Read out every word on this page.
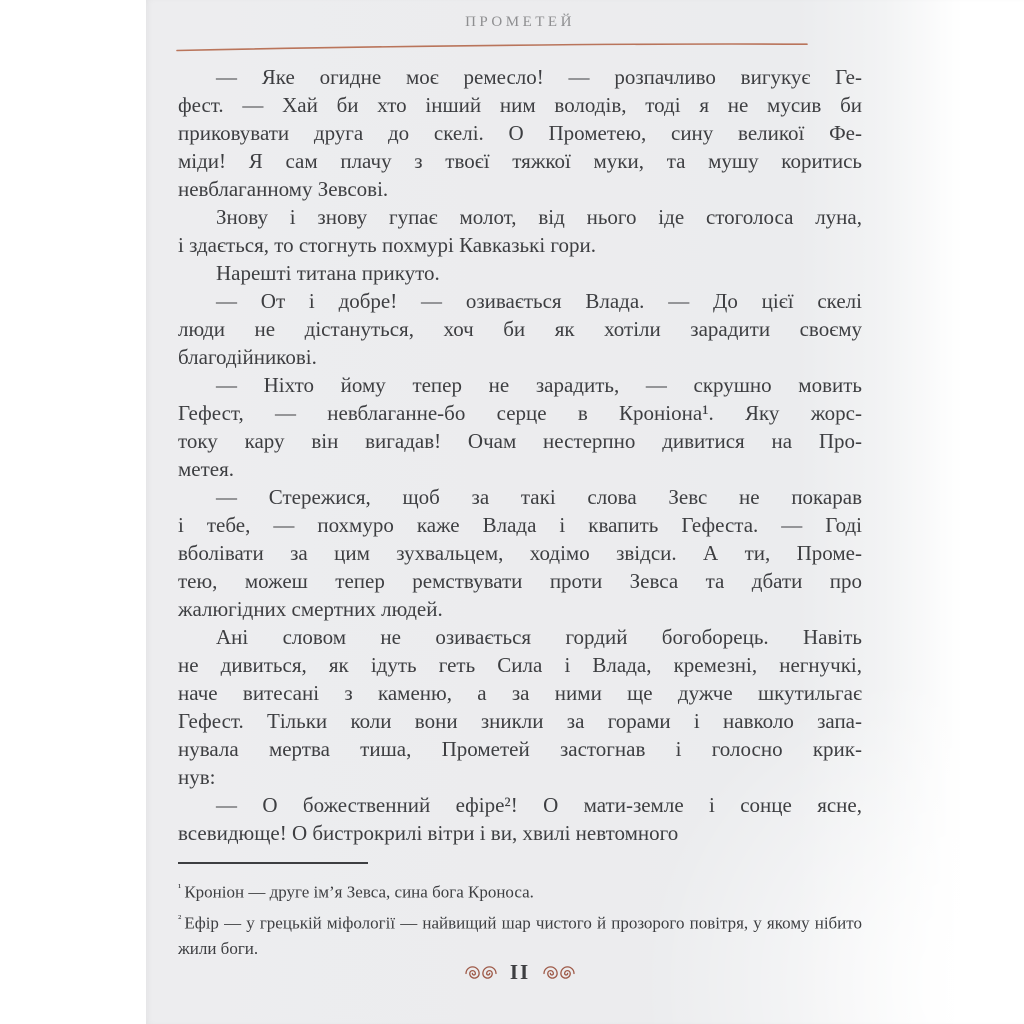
ПРОМЕТЕЙ
— Яке огидне моє ремесло! — розпачливо вигукує Ге-
фест. — Хай би хто інший ним володів, тоді я не мусив би
приковувати друга до скелі. О Прометею, сину великої Фе-
міди! Я сам плачу з твоєї тяжкої муки, та мушу коритись
невблаганному Зевсові.
Знову і знову гупає молот, від нього іде стоголоса луна,
і здається, то стогнуть похмурі Кавказькі гори.
Нарешті титана прикуто.
— От і добре! — озивається Влада. — До цієї скелі
люди не дістануться, хоч би як хотіли зарадити своєму
благодійникові.
— Ніхто йому тепер не зарадить, — скрушно мовить
Гефест, — невблаганне-бо серце в Кроніона¹. Яку жорс-
току кару він вигадав! Очам нестерпно дивитися на Про-
метея.
— Стережися, щоб за такі слова Зевс не покарав
і тебе, — похмуро каже Влада і квапить Гефеста. — Годі
вболівати за цим зухвальцем, ходімо звідси. А ти, Проме-
тею, можеш тепер ремствувати проти Зевса та дбати про
жалюгідних смертних людей.
Ані словом не озивається гордий богоборець. Навіть
не дивиться, як ідуть геть Сила і Влада, кремезні, негнучкі,
наче витесані з каменю, а за ними ще дужче шкутильгає
Гефест. Тільки коли вони зникли за горами і навколо запа-
нувала мертва тиша, Прометей застогнав і голосно крик-
нув:
— О божественний ефіре²! О мати-земле і сонце ясне,
всевидюще! О бистрокрилі вітри і ви, хвилі невтомного
$^{^1}$ Кроніон — друге ім’я Зевса, сина бога Кроноса.
$^{^2}$ Ефір — у грецькій міфології — найвищий шар чистого й прозорого повітря, у якому нібито жили боги.
II
